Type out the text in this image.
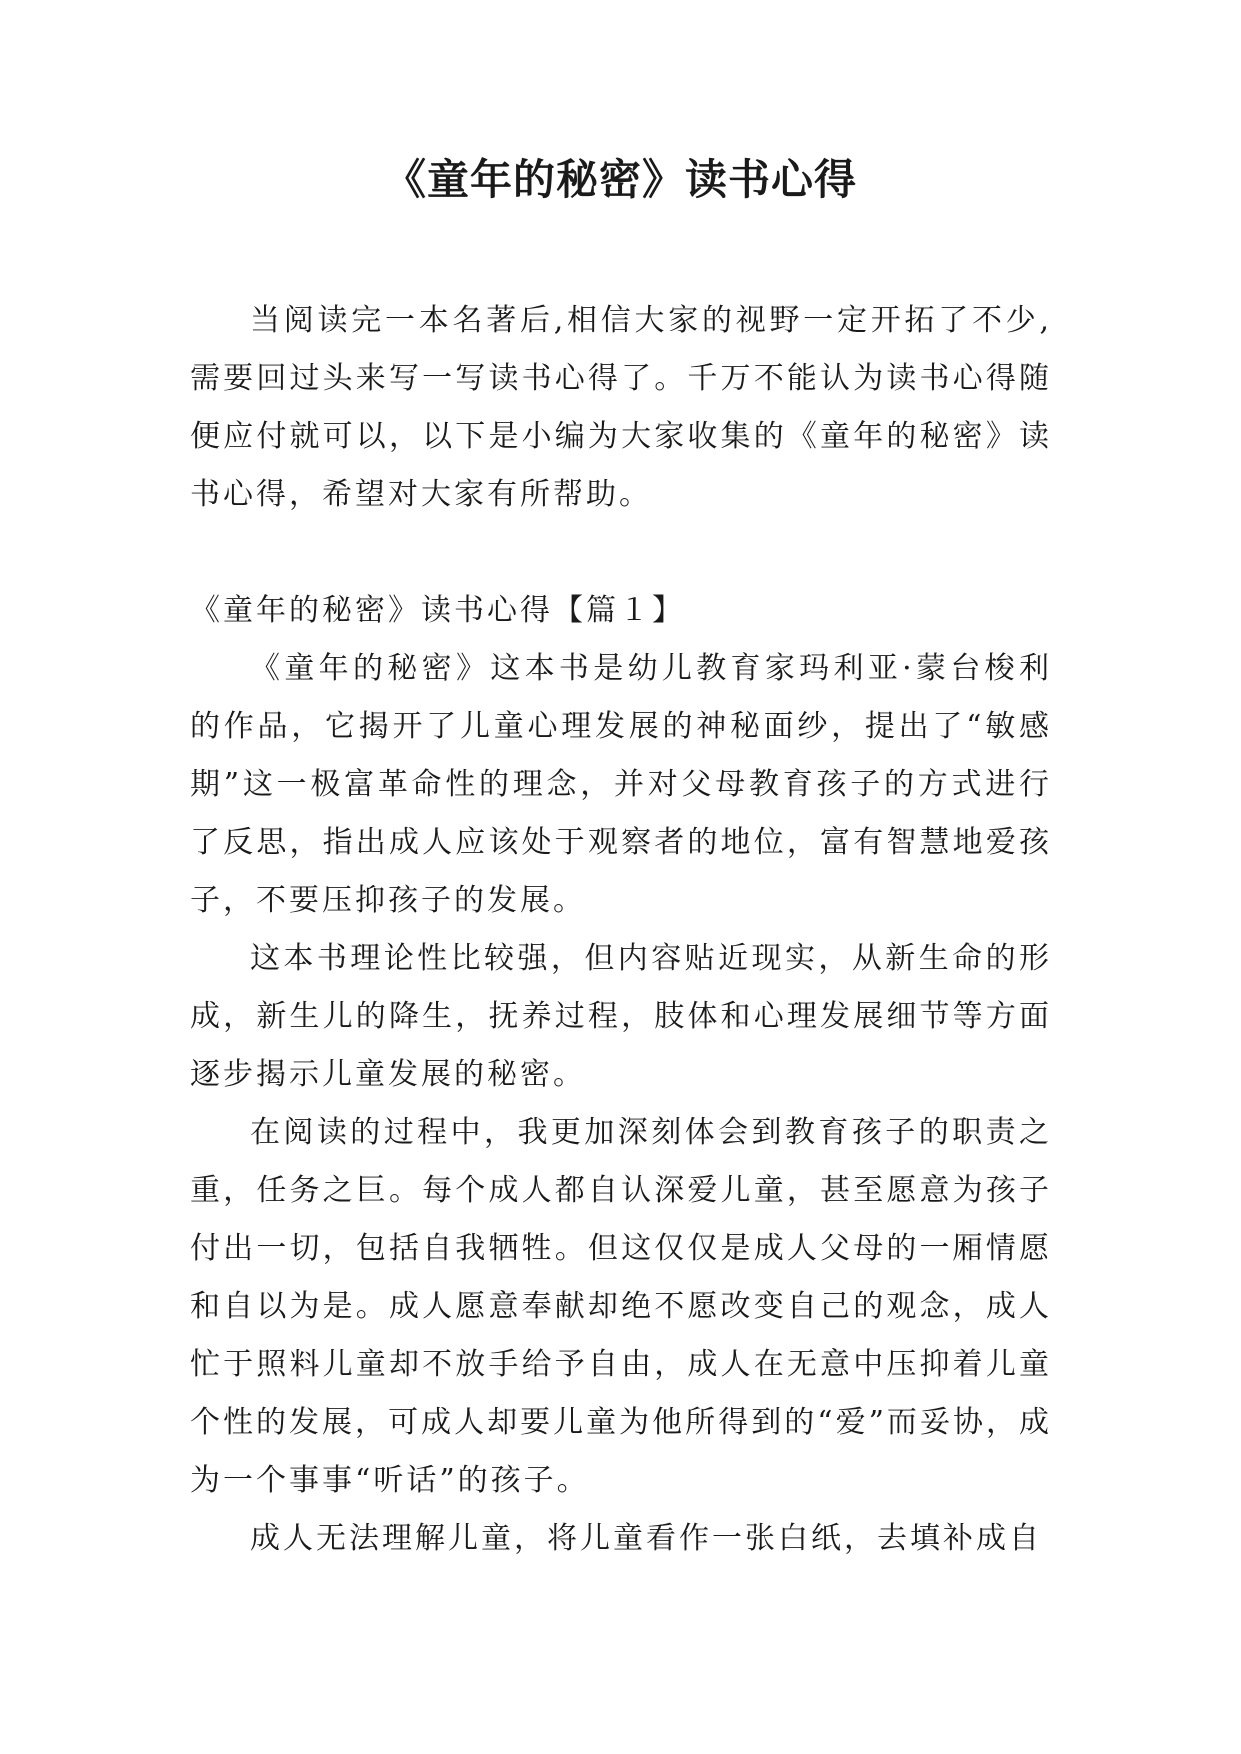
《童年的秘密》读书心得

当阅读完一本名著后,相信大家的视野一定开拓了不少,需要回过头来写一写读书心得了。千万不能认为读书心得随便应付就可以，以下是小编为大家收集的《童年的秘密》读书心得，希望对大家有所帮助。

《童年的秘密》读书心得【篇１】

《童年的秘密》这本书是幼儿教育家玛利亚·蒙台梭利的作品，它揭开了儿童心理发展的神秘面纱，提出了“敏感期”这一极富革命性的理念，并对父母教育孩子的方式进行了反思，指出成人应该处于观察者的地位，富有智慧地爱孩子，不要压抑孩子的发展。

这本书理论性比较强，但内容贴近现实，从新生命的形成，新生儿的降生，抚养过程，肢体和心理发展细节等方面逐步揭示儿童发展的秘密。

在阅读的过程中，我更加深刻体会到教育孩子的职责之重，任务之巨。每个成人都自认深爱儿童，甚至愿意为孩子付出一切，包括自我牺牲。但这仅仅是成人父母的一厢情愿和自以为是。成人愿意奉献却绝不愿改变自己的观念，成人忙于照料儿童却不放手给予自由，成人在无意中压抑着儿童个性的发展，可成人却要儿童为他所得到的“爱”而妥协，成为一个事事“听话”的孩子。

成人无法理解儿童，将儿童看作一张白纸，去填补成自
